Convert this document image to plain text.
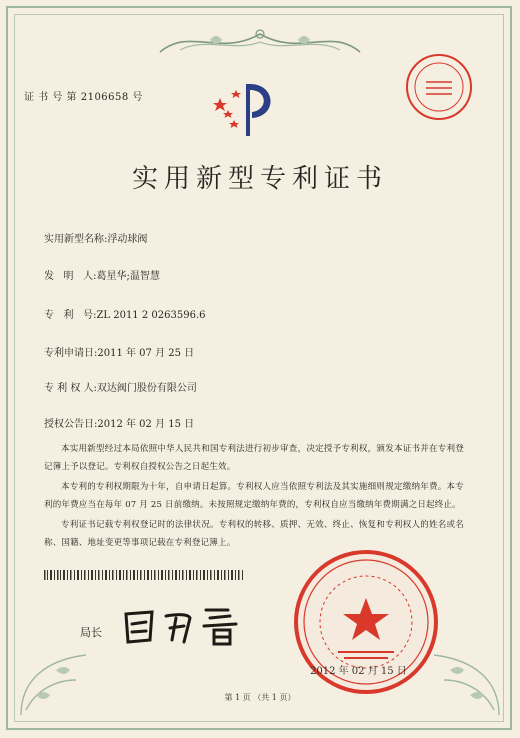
证 书 号 第 2106658 号
实用新型专利证书
实用新型名称:浮动球阀
发   明   人:葛星华;温智慧
专   利   号:ZL 2011 2 0263596.6
专利申请日:2011 年 07 月 25 日
专 利 权 人:双达阀门股份有限公司
授权公告日:2012 年 02 月 15 日
本实用新型经过本局依照中华人民共和国专利法进行初步审查，决定授予专利权，颁发本证书并在专利登记簿上予以登记。专利权自授权公告之日起生效。
本专利的专利权期限为十年，自申请日起算。专利权人应当依照专利法及其实施细则规定缴纳年费。本专利的年费应当在每年 07 月 25 日前缴纳。未按照规定缴纳年费的，专利权自应当缴纳年费期满之日起终止。
专利证书记载专利权登记时的法律状况。专利权的转移、质押、无效、终止、恢复和专利权人的姓名或名称、国籍、地址变更等事项记载在专利登记簿上。
局长
2012 年 02 月 15 日
第 1 页 （共 1 页）
